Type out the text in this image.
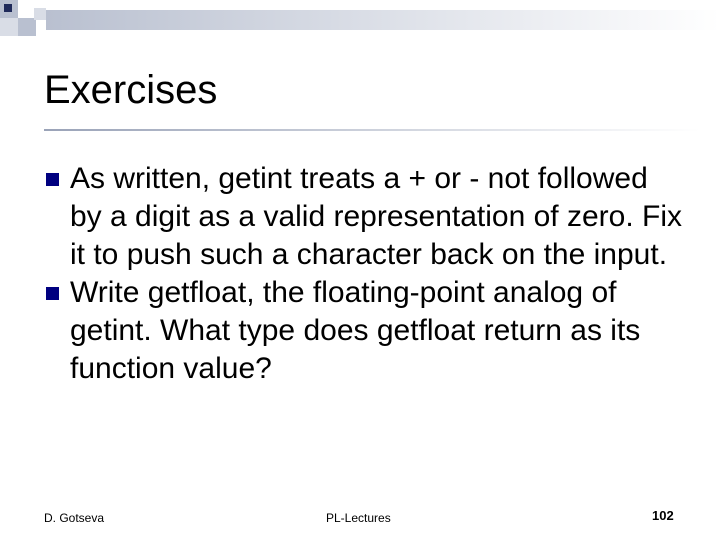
Exercises
As written, getint treats a + or - not followed by a digit as a valid representation of zero. Fix it to push such a character back on the input.
Write getfloat, the floating-point analog of getint. What type does getfloat return as its function value?
D. Gotseva	PL-Lectures	102
